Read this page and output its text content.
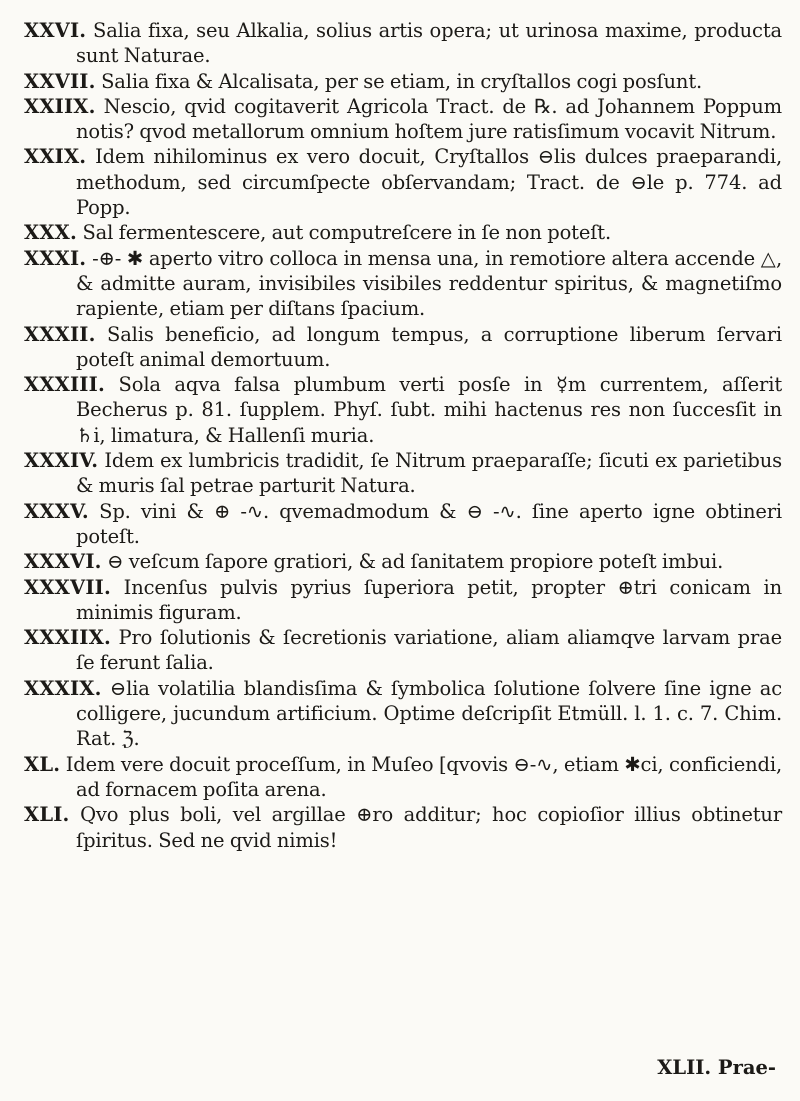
XXVI. Salia fixa, seu Alkalia, solius artis opera; ut urinosa maxime, producta sunt Naturae.

XXVII. Salia fixa & Alcalisata, per se etiam, in cryſtallos cogi posſunt.

XXIIX. Nescio, qvid cogitaverit Agricola Tract. de ℞. ad Johannem Poppum notis? qvod metallorum omnium hoſtem jure ratisſimum vocavit Nitrum.

XXIX. Idem nihilominus ex vero docuit, Cryſtallos ⊖lis dulces praeparandi, methodum, sed circumſpecte obſervandam; Tract. de ⊖le p. 774. ad Popp.

XXX. Sal fermentescere, aut computreſcere in ſe non poteſt.

XXXI. -⊕- ✱ aperto vitro colloca in mensa una, in remotiore altera accende △, & admitte auram, invisibiles visibiles reddentur spiritus, & magnetiſmo rapiente, etiam per diſtans ſpacium.

XXXII. Salis beneficio, ad longum tempus, a corruptione liberum ſervari poteſt animal demortuum.

XXXIII. Sola aqva falsa plumbum verti posſe in ☿m currentem, aſſerit Becherus p. 81. ſupplem. Phyſ. ſubt. mihi hactenus res non ſuccesſit in ♄i, limatura, & Hallenſi muria.

XXXIV. Idem ex lumbricis tradidit, ſe Nitrum praeparaſſe; ſicuti ex parietibus & muris ſal petrae parturit Natura.

XXXV. Sp. vini & ⊕ -∿. qvemadmodum & ⊖ -∿. ſine aperto igne obtineri poteſt.

XXXVI. ⊖ veſcum ſapore gratiori, & ad ſanitatem propiore poteſt imbui.

XXXVII. Incenſus pulvis pyrius ſuperiora petit, propter ⊕tri conicam in minimis figuram.

XXXIIX. Pro ſolutionis & ſecretionis variatione, aliam aliamqve larvam prae ſe ferunt ſalia.

XXXIX. ⊖lia volatilia blandisſima & ſymbolica ſolutione ſolvere ſine igne ac colligere, jucundum artificium. Optime deſcripſit Etmüll. l. 1. c. 7. Chim. Rat. ℨ.

XL. Idem vere docuit proceſſum, in Muſeo [qvovis ⊖-∿, etiam ✱ci, conficiendi, ad fornacem poſita arena.

XLI. Qvo plus boli, vel argillae ⊕ro additur; hoc copioſior illius obtinetur ſpiritus. Sed ne qvid nimis!

XLII. Prae-
